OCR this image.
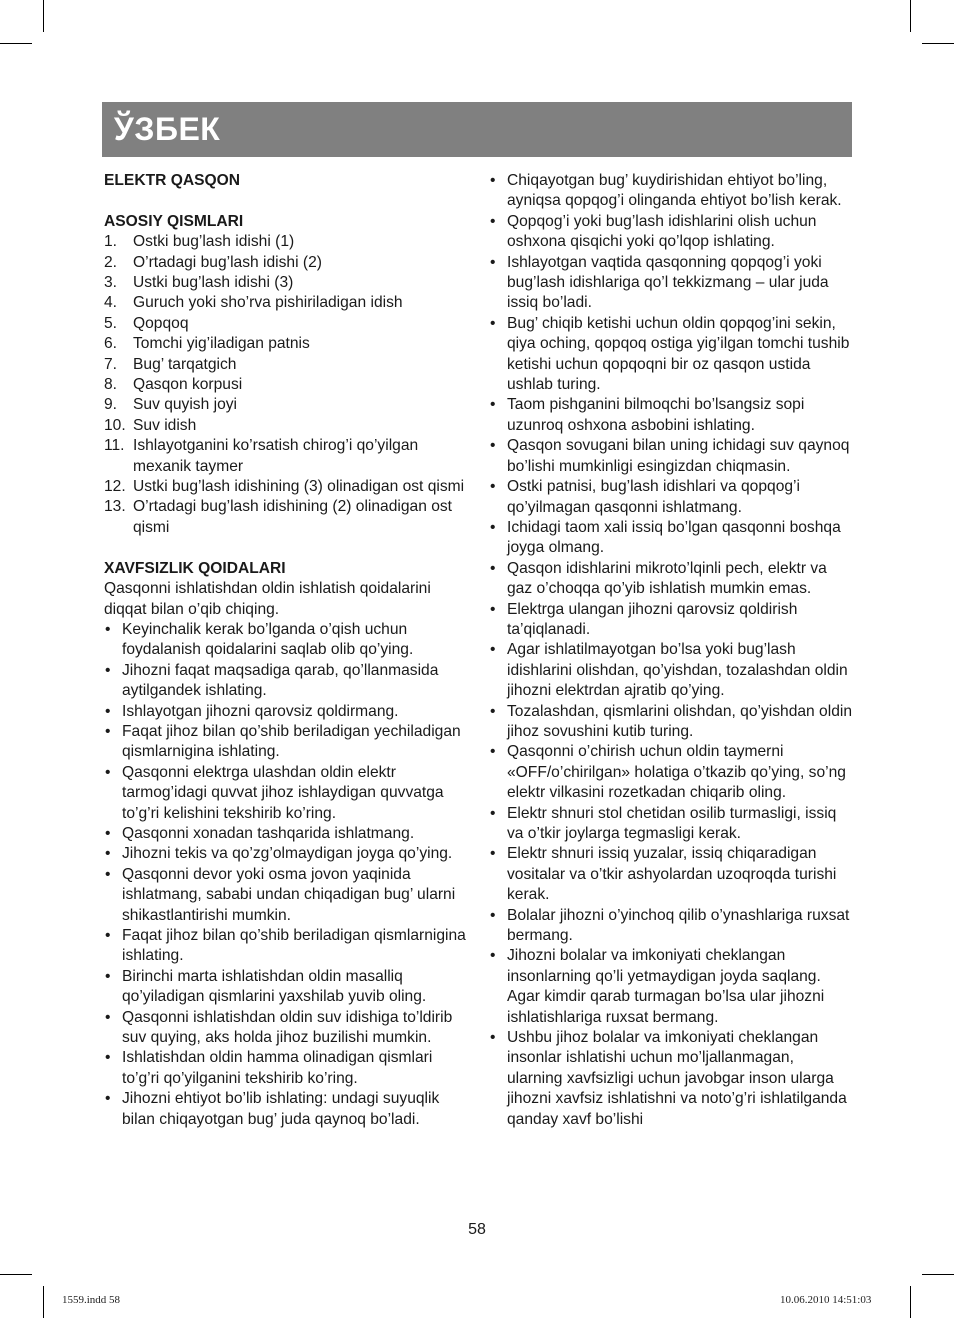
ЎЗБЕК

ELEKTR QASQON

ASOSIY QISMLARI

1. Ostki bug’lash idishi (1)
2. O’rtadagi bug’lash idishi (2)
3. Ustki bug’lash idishi (3)
4. Guruch yoki sho’rva pishiriladigan idish
5. Qopqoq
6. Tomchi yig’iladigan patnis
7. Bug’ tarqatgich
8. Qasqon korpusi
9. Suv quyish joyi
10. Suv idish
11. Ishlayotganini ko’rsatish chirog’i qo’yilgan mexanik taymer
12. Ustki bug’lash idishining (3) olinadigan ost qismi
13. O’rtadagi bug’lash idishining (2) olinadigan ost qismi

XAVFSIZLIK QOIDALARI

Qasqonni ishlatishdan oldin ishlatish qoidalarini diqqat bilan o’qib chiqing.

• Keyinchalik kerak bo’lganda o’qish uchun foydalanish qoidalarini saqlab olib qo’ying.
• Jihozni faqat maqsadiga qarab, qo’llanmasida aytilgandek ishlating.
• Ishlayotgan jihozni qarovsiz qoldirmang.
• Faqat jihoz bilan qo’shib beriladigan yechiladigan qismlarnigina ishlating.
• Qasqonni elektrga ulashdan oldin elektr tarmog’idagi quvvat jihoz ishlaydigan quvvatga to’g’ri kelishini tekshirib ko’ring.
• Qasqonni xonadan tashqarida ishlatmang.
• Jihozni tekis va qo’zg’olmaydigan joyga qo’ying.
• Qasqonni devor yoki osma jovon yaqinida ishlatmang, sababi undan chiqadigan bug’ ularni shikastlantirishi mumkin.
• Faqat jihoz bilan qo’shib beriladigan qismlarnigina ishlating.
• Birinchi marta ishlatishdan oldin masalliq qo’yiladigan qismlarini yaxshilab yuvib oling.
• Qasqonni ishlatishdan oldin suv idishiga to’ldirib suv quying, aks holda jihoz buzilishi mumkin.
• Ishlatishdan oldin hamma olinadigan qismlari to’g’ri qo’yilganini tekshirib ko’ring.
• Jihozni ehtiyot bo’lib ishlating: undagi suyuqlik bilan chiqayotgan bug’ juda qaynoq bo’ladi.
• Chiqayotgan bug’ kuydirishidan ehtiyot bo’ling, ayniqsa qopqog’i olinganda ehtiyot bo’lish kerak.
• Qopqog’i yoki bug’lash idishlarini olish uchun oshxona qisqichi yoki qo’lqop ishlating.
• Ishlayotgan vaqtida qasqonning qopqog’i yoki bug’lash idishlariga qo’l tekkizmang – ular juda issiq bo’ladi.
• Bug’ chiqib ketishi uchun oldin qopqog’ini sekin, qiya oching, qopqoq ostiga yig’ilgan tomchi tushib ketishi uchun qopqoqni bir oz qasqon ustida ushlab turing.
• Taom pishganini bilmoqchi bo’lsangsiz sopi uzunroq oshxona asbobini ishlating.
• Qasqon sovugani bilan uning ichidagi suv qaynoq bo’lishi mumkinligi esingizdan chiqmasin.
• Ostki patnisi, bug’lash idishlari va qopqog’i qo’yilmagan qasqonni ishlatmang.
• Ichidagi taom xali issiq bo’lgan qasqonni boshqa joyga olmang.
• Qasqon idishlarini mikroto’lqinli pech, elektr va gaz o’choqqa qo’yib ishlatish mumkin emas.
• Elektrga ulangan jihozni qarovsiz qoldirish ta’qiqlanadi.
• Agar ishlatilmayotgan bo’lsa yoki bug’lash idishlarini olishdan, qo’yishdan, tozalashdan oldin jihozni elektrdan ajratib qo’ying.
• Tozalashdan, qismlarini olishdan, qo’yishdan oldin jihoz sovushini kutib turing.
• Qasqonni o’chirish uchun oldin taymerni «OFF/o’chirilgan» holatiga o’tkazib qo’ying, so’ng elektr vilkasini rozetkadan chiqarib oling.
• Elektr shnuri stol chetidan osilib turmasligi, issiq va o’tkir joylarga tegmasligi kerak.
• Elektr shnuri issiq yuzalar, issiq chiqaradigan vositalar va o’tkir ashyolardan uzoqroqda turishi kerak.
• Bolalar jihozni o’yinchoq qilib o’ynashlariga ruxsat bermang.
• Jihozni bolalar va imkoniyati cheklangan insonlarning qo’li yetmaydigan joyda saqlang. Agar kimdir qarab turmagan bo’lsa ular jihozni ishlatishlariga ruxsat bermang.
• Ushbu jihoz bolalar va imkoniyati cheklangan insonlar ishlatishi uchun mo’ljallanmagan, ularning xavfsizligi uchun javobgar inson ularga jihozni xavfsiz ishlatishni va noto’g’ri ishlatilganda qanday xavf bo’lishi
58
1559.indd 58	10.06.2010 14:51:03
